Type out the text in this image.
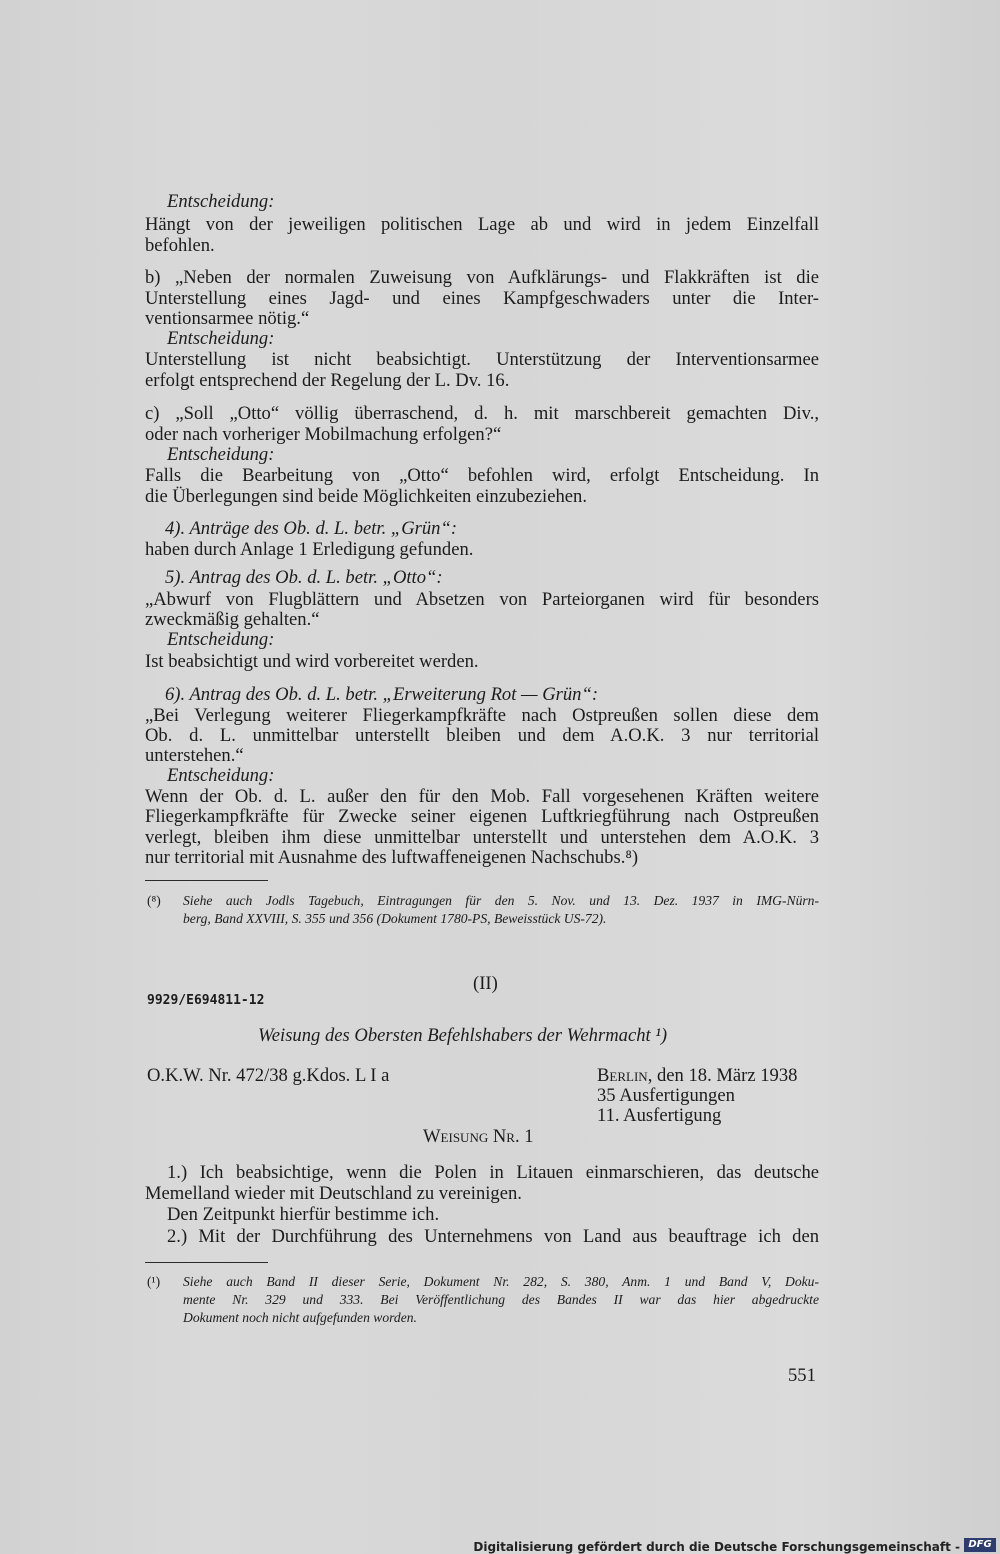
Entscheidung:
Hängt von der jeweiligen politischen Lage ab und wird in jedem Einzelfall
befohlen.
b) „Neben der normalen Zuweisung von Aufklärungs- und Flakkräften ist die
Unterstellung eines Jagd- und eines Kampfgeschwaders unter die Inter-
ventionsarmee nötig.“
Entscheidung:
Unterstellung ist nicht beabsichtigt. Unterstützung der Interventionsarmee
erfolgt entsprechend der Regelung der L. Dv. 16.
c) „Soll „Otto“ völlig überraschend, d. h. mit marschbereit gemachten Div.,
oder nach vorheriger Mobilmachung erfolgen?“
Entscheidung:
Falls die Bearbeitung von „Otto“ befohlen wird, erfolgt Entscheidung. In
die Überlegungen sind beide Möglichkeiten einzubeziehen.
4). Anträge des Ob. d. L. betr. „Grün“:
haben durch Anlage 1 Erledigung gefunden.
5). Antrag des Ob. d. L. betr. „Otto“:
„Abwurf von Flugblättern und Absetzen von Parteiorganen wird für besonders
zweckmäßig gehalten.“
Entscheidung:
Ist beabsichtigt und wird vorbereitet werden.
6). Antrag des Ob. d. L. betr. „Erweiterung Rot — Grün“:
„Bei Verlegung weiterer Fliegerkampfkräfte nach Ostpreußen sollen diese dem
Ob. d. L. unmittelbar unterstellt bleiben und dem A.O.K. 3 nur territorial
unterstehen.“
Entscheidung:
Wenn der Ob. d. L. außer den für den Mob. Fall vorgesehenen Kräften weitere
Fliegerkampfkräfte für Zwecke seiner eigenen Luftkriegführung nach Ostpreußen
verlegt, bleiben ihm diese unmittelbar unterstellt und unterstehen dem A.O.K. 3
nur territorial mit Ausnahme des luftwaffeneigenen Nachschubs.⁸)
(⁸) Siehe auch Jodls Tagebuch, Eintragungen für den 5. Nov. und 13. Dez. 1937 in IMG-Nürn-
berg, Band XXVIII, S. 355 und 356 (Dokument 1780-PS, Beweisstück US-72).
(II)
9929/E694811-12
Weisung des Obersten Befehlshabers der Wehrmacht ¹)
O.K.W. Nr. 472/38 g.Kdos. L I a	Berlin, den 18. März 1938
35 Ausfertigungen
11. Ausfertigung
Weisung Nr. 1
1.) Ich beabsichtige, wenn die Polen in Litauen einmarschieren, das deutsche
Memelland wieder mit Deutschland zu vereinigen.
Den Zeitpunkt hierfür bestimme ich.
2.) Mit der Durchführung des Unternehmens von Land aus beauftrage ich den
(¹) Siehe auch Band II dieser Serie, Dokument Nr. 282, S. 380, Anm. 1 und Band V, Doku-
mente Nr. 329 und 333. Bei Veröffentlichung des Bandes II war das hier abgedruckte
Dokument noch nicht aufgefunden worden.
551
Digitalisierung gefördert durch die Deutsche Forschungsgemeinschaft - DFG
